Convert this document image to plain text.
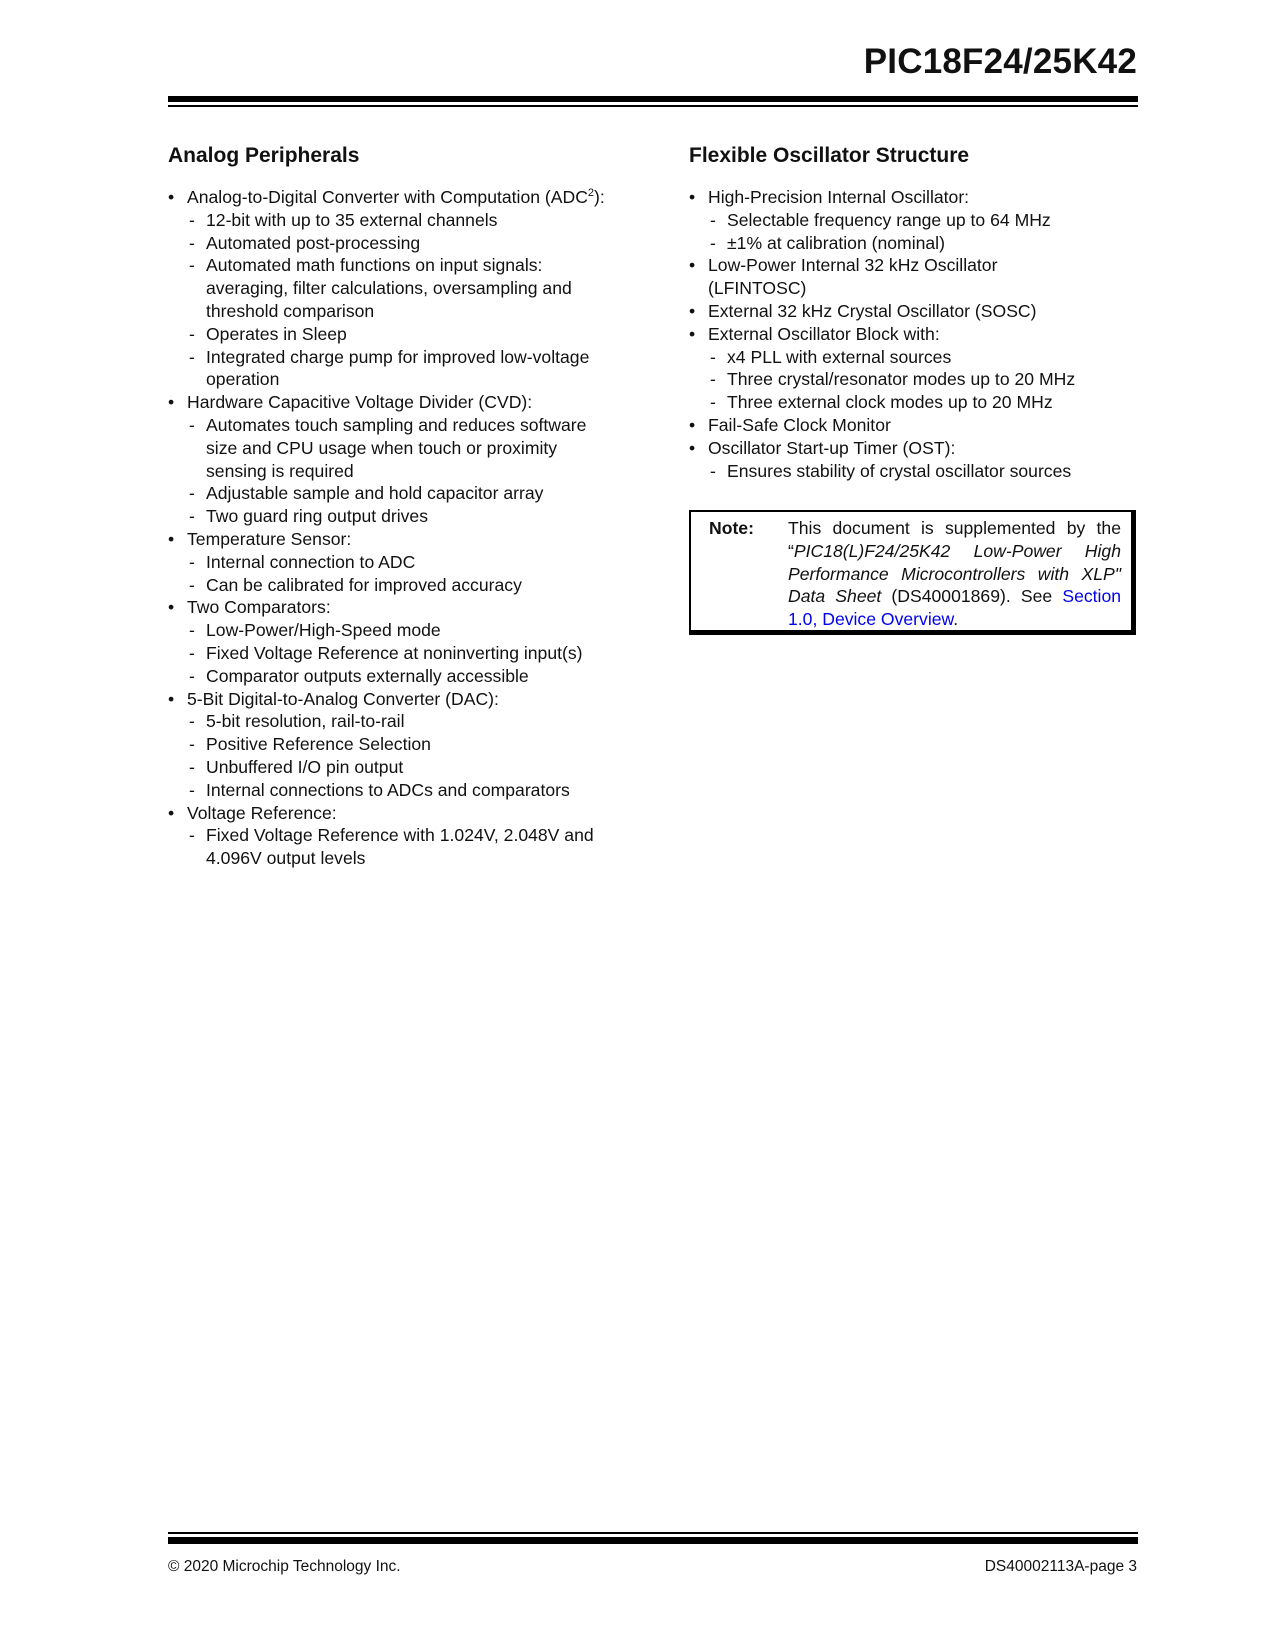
PIC18F24/25K42
Analog Peripherals
• Analog-to-Digital Converter with Computation (ADC$^2$):
- 12-bit with up to 35 external channels
- Automated post-processing
- Automated math functions on input signals: averaging, filter calculations, oversampling and threshold comparison
- Operates in Sleep
- Integrated charge pump for improved low-voltage operation
• Hardware Capacitive Voltage Divider (CVD):
- Automates touch sampling and reduces software size and CPU usage when touch or proximity sensing is required
- Adjustable sample and hold capacitor array
- Two guard ring output drives
• Temperature Sensor:
- Internal connection to ADC
- Can be calibrated for improved accuracy
• Two Comparators:
- Low-Power/High-Speed mode
- Fixed Voltage Reference at noninverting input(s)
- Comparator outputs externally accessible
• 5-Bit Digital-to-Analog Converter (DAC):
- 5-bit resolution, rail-to-rail
- Positive Reference Selection
- Unbuffered I/O pin output
- Internal connections to ADCs and comparators
• Voltage Reference:
- Fixed Voltage Reference with 1.024V, 2.048V and 4.096V output levels
Flexible Oscillator Structure
• High-Precision Internal Oscillator:
- Selectable frequency range up to 64 MHz
- ±1% at calibration (nominal)
• Low-Power Internal 32 kHz Oscillator (LFINTOSC)
• External 32 kHz Crystal Oscillator (SOSC)
• External Oscillator Block with:
- x4 PLL with external sources
- Three crystal/resonator modes up to 20 MHz
- Three external clock modes up to 20 MHz
• Fail-Safe Clock Monitor
• Oscillator Start-up Timer (OST):
- Ensures stability of crystal oscillator sources
Note: This document is supplemented by the “PIC18(L)F24/25K42 Low-Power High Performance Microcontrollers with XLP" Data Sheet (DS40001869). See Section 1.0, Device Overview.
© 2020 Microchip Technology Inc.	DS40002113A-page 3
